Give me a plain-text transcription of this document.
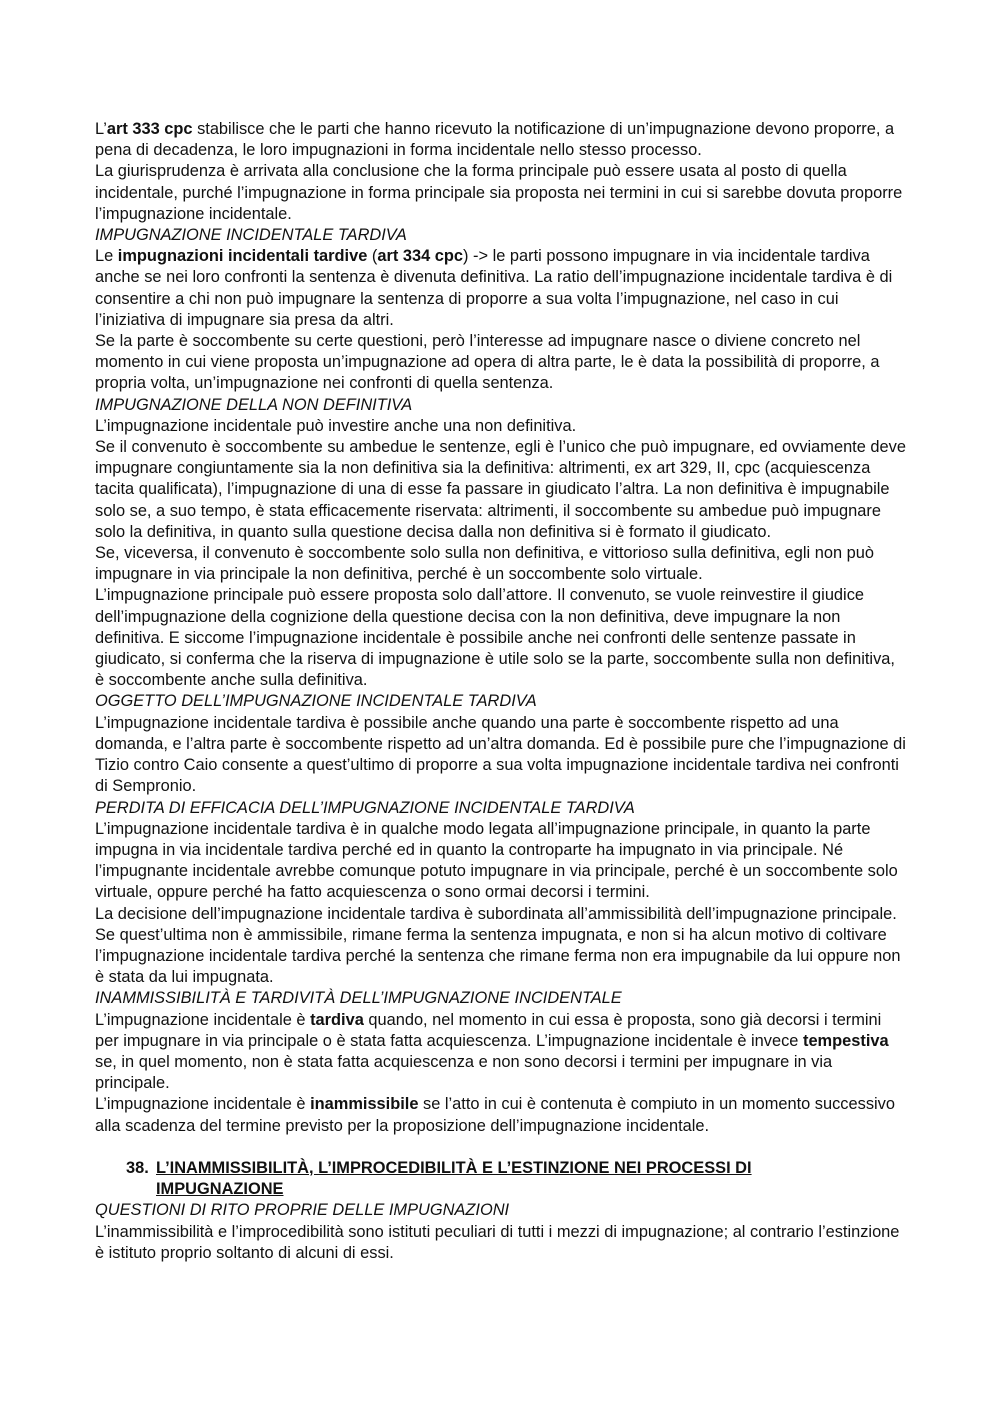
L’art 333 cpc stabilisce che le parti che hanno ricevuto la notificazione di un’impugnazione devono proporre, a pena di decadenza, le loro impugnazioni in forma incidentale nello stesso processo.

La giurisprudenza è arrivata alla conclusione che la forma principale può essere usata al posto di quella incidentale, purché l’impugnazione in forma principale sia proposta nei termini in cui si sarebbe dovuta proporre l’impugnazione incidentale.

IMPUGNAZIONE INCIDENTALE TARDIVA

Le impugnazioni incidentali tardive (art 334 cpc) -> le parti possono impugnare in via incidentale tardiva anche se nei loro confronti la sentenza è divenuta definitiva. La ratio dell’impugnazione incidentale tardiva è di consentire a chi non può impugnare la sentenza di proporre a sua volta l’impugnazione, nel caso in cui l’iniziativa di impugnare sia presa da altri.

Se la parte è soccombente su certe questioni, però l’interesse ad impugnare nasce o diviene concreto nel momento in cui viene proposta un’impugnazione ad opera di altra parte, le è data la possibilità di proporre, a propria volta, un’impugnazione nei confronti di quella sentenza.

IMPUGNAZIONE DELLA NON DEFINITIVA

L’impugnazione incidentale può investire anche una non definitiva.

Se il convenuto è soccombente su ambedue le sentenze, egli è l’unico che può impugnare, ed ovviamente deve impugnare congiuntamente sia la non definitiva sia la definitiva: altrimenti, ex art 329, II, cpc (acquiescenza tacita qualificata), l’impugnazione di una di esse fa passare in giudicato l’altra. La non definitiva è impugnabile solo se, a suo tempo, è stata efficacemente riservata: altrimenti, il soccombente su ambedue può impugnare solo la definitiva, in quanto sulla questione decisa dalla non definitiva si è formato il giudicato.

Se, viceversa, il convenuto è soccombente solo sulla non definitiva, e vittorioso sulla definitiva, egli non può impugnare in via principale la non definitiva, perché è un soccombente solo virtuale.

L’impugnazione principale può essere proposta solo dall’attore. Il convenuto, se vuole reinvestire il giudice dell’impugnazione della cognizione della questione decisa con la non definitiva, deve impugnare la non definitiva. E siccome l’impugnazione incidentale è possibile anche nei confronti delle sentenze passate in giudicato, si conferma che la riserva di impugnazione è utile solo se la parte, soccombente sulla non definitiva, è soccombente anche sulla definitiva.

OGGETTO DELL’IMPUGNAZIONE INCIDENTALE TARDIVA

L’impugnazione incidentale tardiva è possibile anche quando una parte è soccombente rispetto ad una domanda, e l’altra parte è soccombente rispetto ad un’altra domanda. Ed è possibile pure che l’impugnazione di Tizio contro Caio consente a quest’ultimo di proporre a sua volta impugnazione incidentale tardiva nei confronti di Sempronio.

PERDITA DI EFFICACIA DELL’IMPUGNAZIONE INCIDENTALE TARDIVA

L’impugnazione incidentale tardiva è in qualche modo legata all’impugnazione principale, in quanto la parte impugna in via incidentale tardiva perché ed in quanto la controparte ha impugnato in via principale. Né l’impugnante incidentale avrebbe comunque potuto impugnare in via principale, perché è un soccombente solo virtuale, oppure perché ha fatto acquiescenza o sono ormai decorsi i termini.

La decisione dell’impugnazione incidentale tardiva è subordinata all’ammissibilità dell’impugnazione principale. Se quest’ultima non è ammissibile, rimane ferma la sentenza impugnata, e non si ha alcun motivo di coltivare l’impugnazione incidentale tardiva perché la sentenza che rimane ferma non era impugnabile da lui oppure non è stata da lui impugnata.

INAMMISSIBILITÀ E TARDIVITÀ DELL’IMPUGNAZIONE INCIDENTALE

L’impugnazione incidentale è tardiva quando, nel momento in cui essa è proposta, sono già decorsi i termini per impugnare in via principale o è stata fatta acquiescenza. L’impugnazione incidentale è invece tempestiva se, in quel momento, non è stata fatta acquiescenza e non sono decorsi i termini per impugnare in via principale.

L’impugnazione incidentale è inammissibile se l’atto in cui è contenuta è compiuto in un momento successivo alla scadenza del termine previsto per la proposizione dell’impugnazione incidentale.

38. L’INAMMISSIBILITÀ, L’IMPROCEDIBILITÀ E L’ESTINZIONE NEI PROCESSI DI IMPUGNAZIONE

QUESTIONI DI RITO PROPRIE DELLE IMPUGNAZIONI

L’inammissibilità e l’improcedibilità sono istituti peculiari di tutti i mezzi di impugnazione; al contrario l’estinzione è istituto proprio soltanto di alcuni di essi.
